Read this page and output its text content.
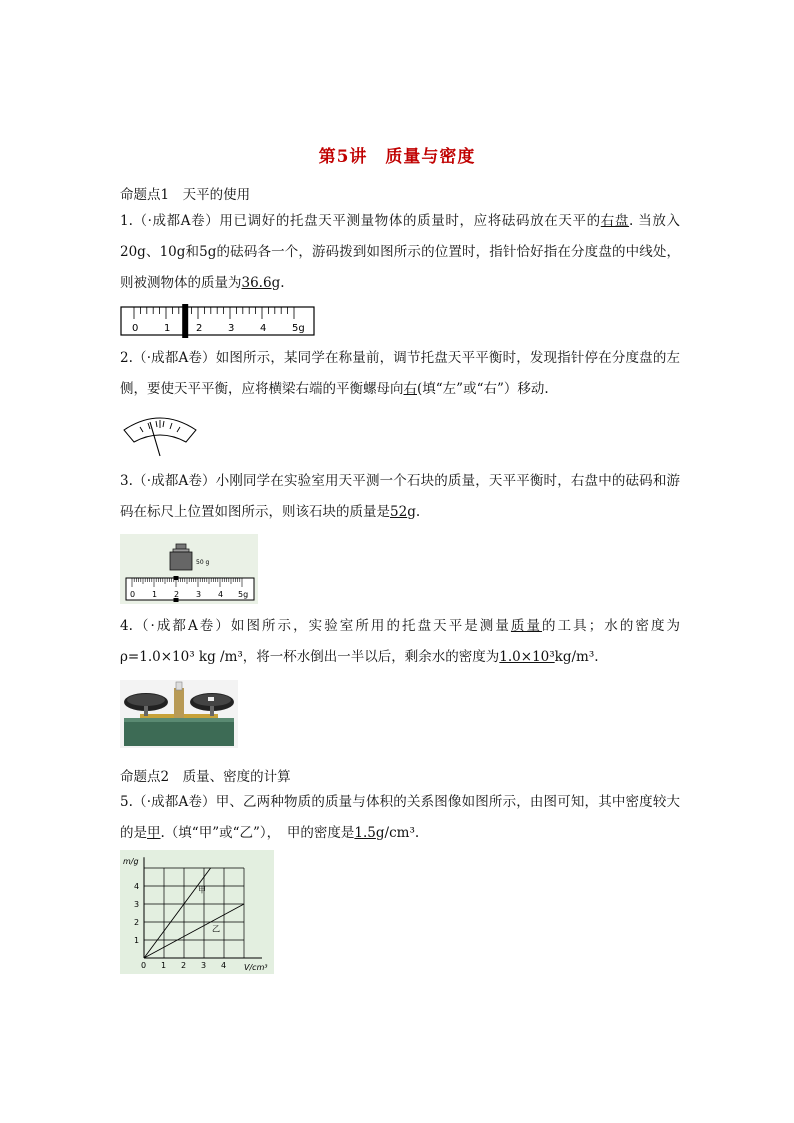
第5讲　质量与密度
命题点1　天平的使用
1.（·成都A卷）用已调好的托盘天平测量物体的质量时，应将砝码放在天平的右盘. 当放入20g、10g和5g的砝码各一个，游码拨到如图所示的位置时，指针恰好指在分度盘的中线处，则被测物体的质量为36.6g.
0	1	2	3	4	5g
2.（·成都A卷）如图所示，某同学在称量前，调节托盘天平平衡时，发现指针停在分度盘的左侧，要使天平平衡，应将横梁右端的平衡螺母向右(填“左”或“右”）移动.
3.（·成都A卷）小刚同学在实验室用天平测一个石块的质量，天平平衡时，右盘中的砝码和游码在标尺上位置如图所示，则该石块的质量是52g.
50 g
0 1 2 3 4 5g
4.（·成都A卷）如图所示，实验室所用的托盘天平是测量质量的工具；水的密度为ρ=1.0×10³ kg /m³，将一杯水倒出一半以后，剩余水的密度为1.0×10³kg/m³.
命题点2　质量、密度的计算
5.（·成都A卷）甲、乙两种物质的质量与体积的关系图像如图所示，由图可知，其中密度较大的是甲.（填“甲”或“乙”），　甲的密度是1.5g/cm³.
m/g
V/cm³
甲
乙
0 1 2 3 4
1
2
3
4
